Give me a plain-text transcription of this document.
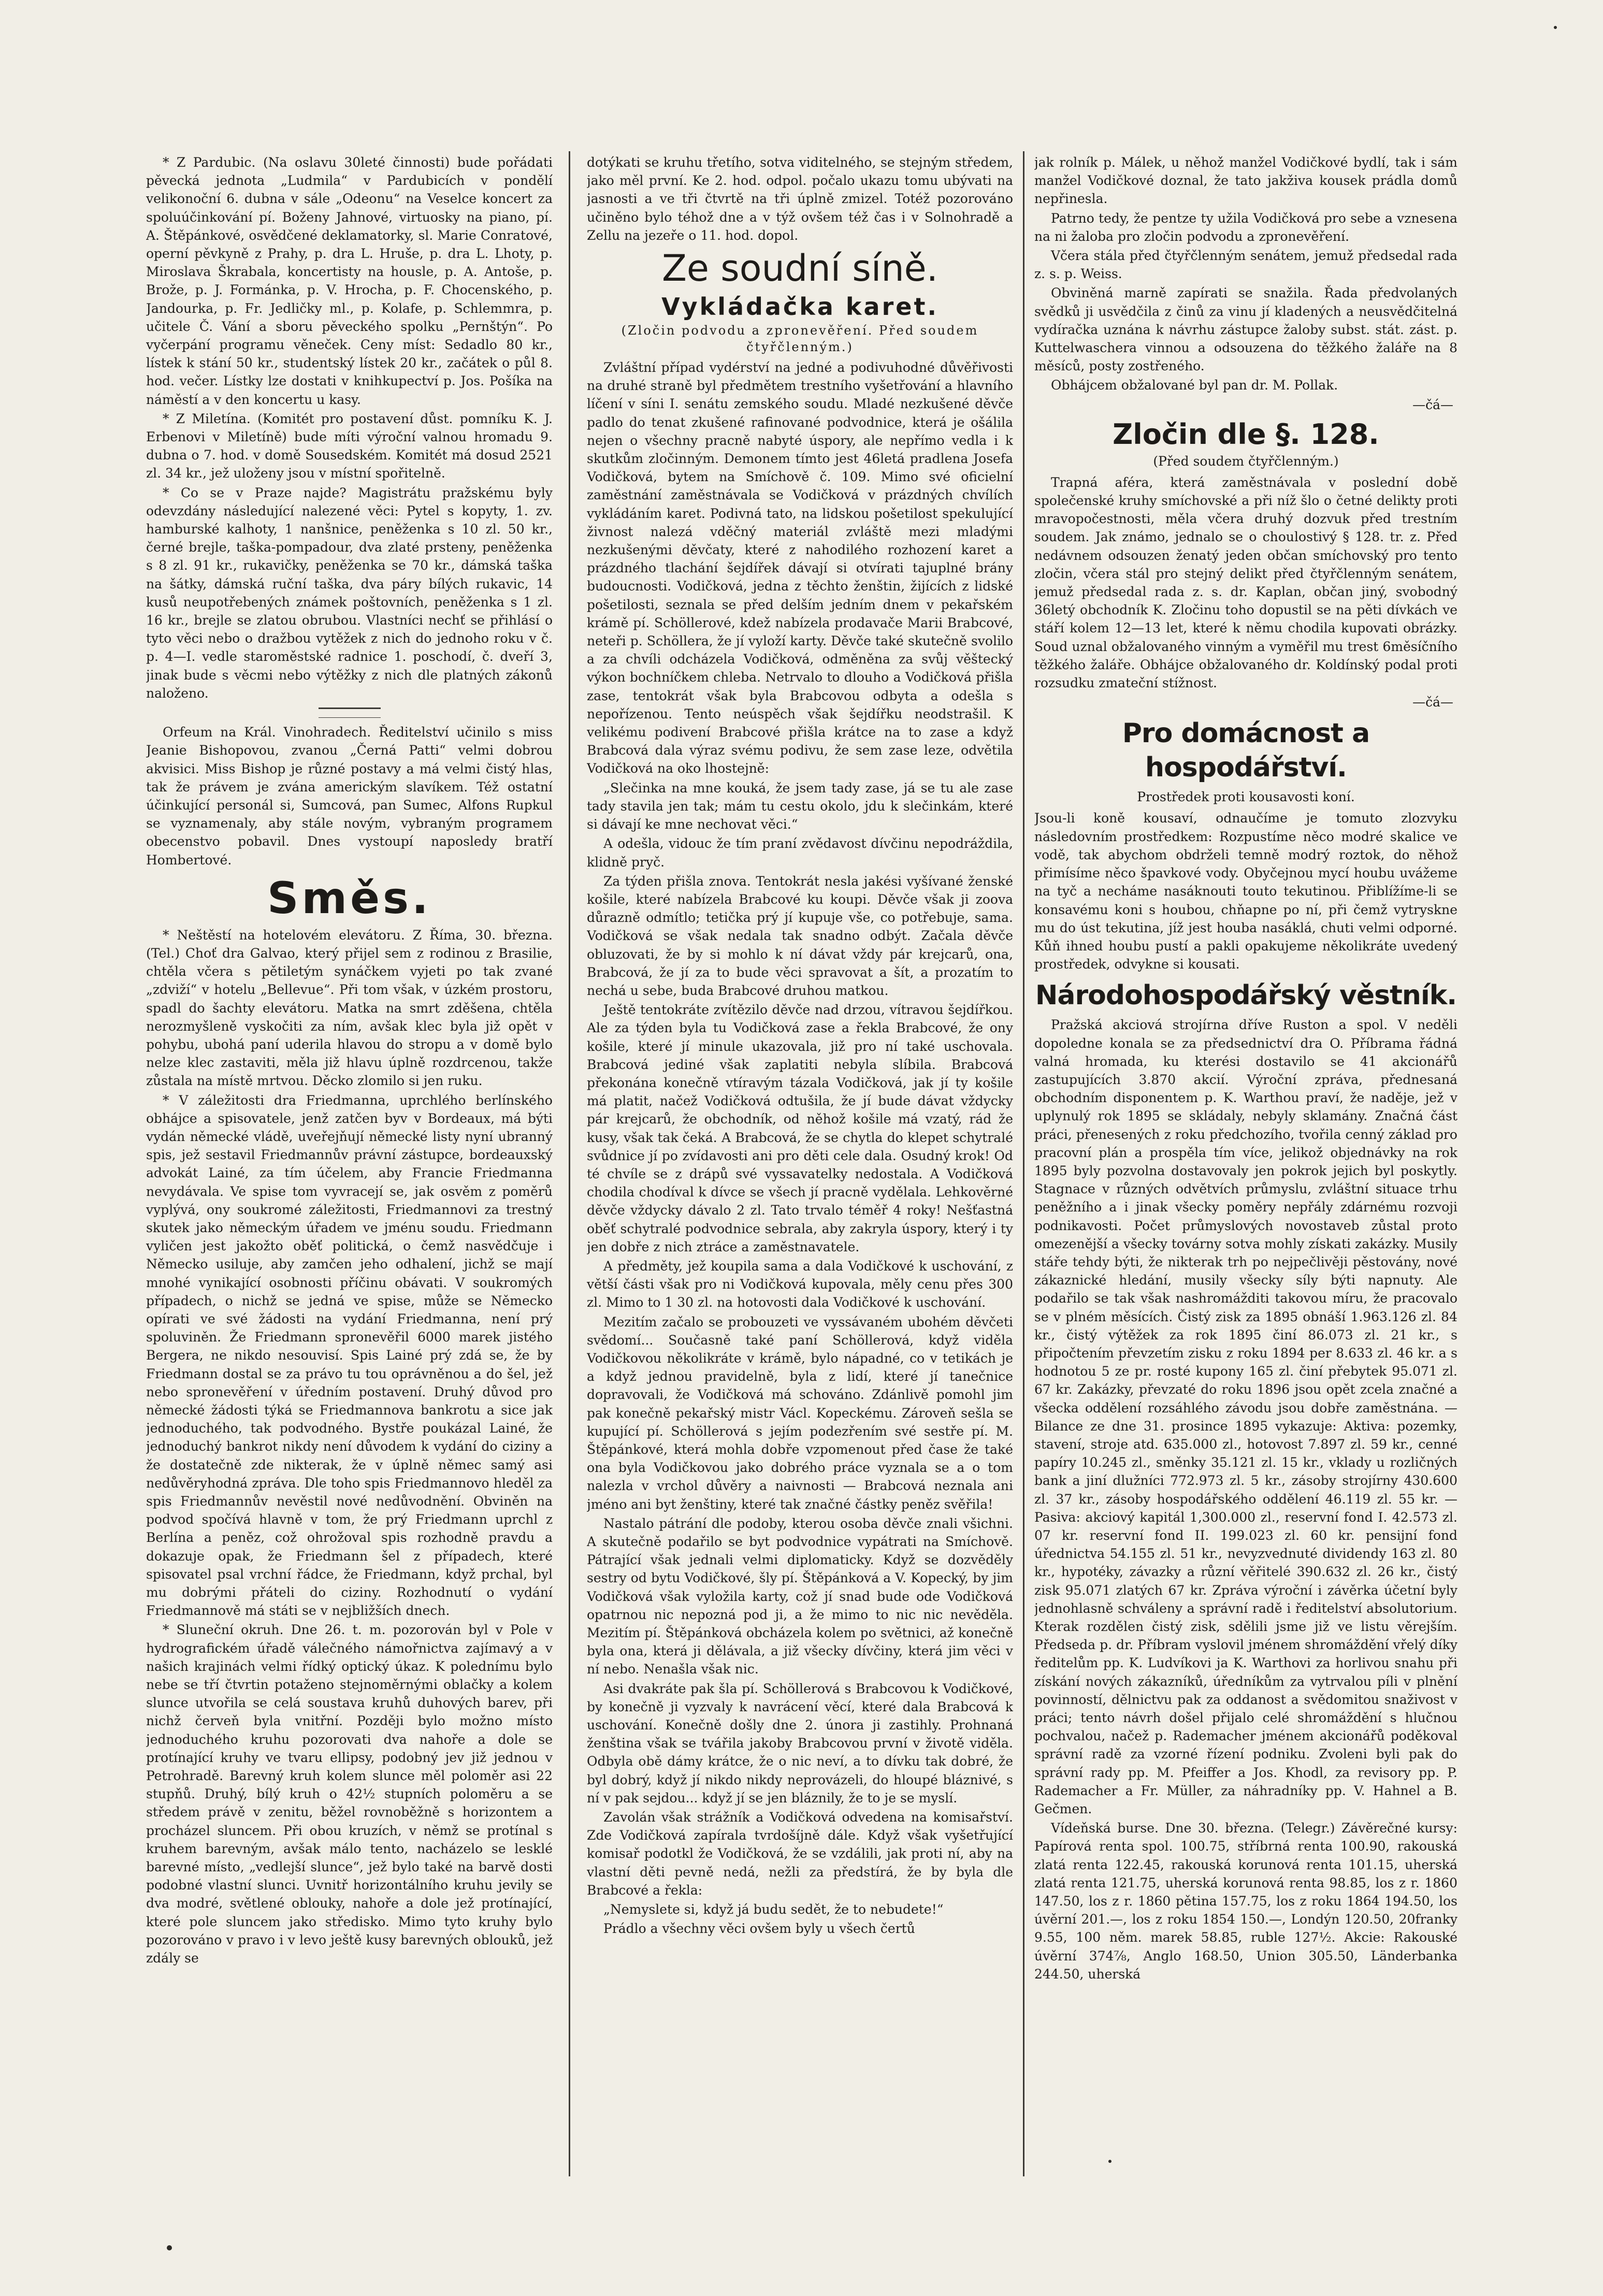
* Z Pardubic. (Na oslavu 30leté činnosti) bude pořádati pěvecká jednota „Ludmila“ v Pardubicích v pondělí velikonoční 6. dubna v sále „Odeonu“ na Veselce koncert za spoluúčinkování pí. Boženy Jahnové, virtuosky na piano, pí. A. Štěpánkové, osvědčené deklamatorky, sl. Marie Conratové, operní pěvkyně z Prahy, p. dra L. Hruše, p. dra L. Lhoty, p. Miroslava Škrabala, koncertisty na housle, p. A. Antoše, p. Brože, p. J. Formánka, p. V. Hrocha, p. F. Chocenského, p. Jandourka, p. Fr. Jedličky ml., p. Kolafe, p. Schlemmra, p. učitele Č. Vání a sboru pěveckého spolku „Pernštýn“. Po vyčerpání programu věneček. Ceny míst: Sedadlo 80 kr., lístek k stání 50 kr., studentský lístek 20 kr., začátek o půl 8. hod. večer. Lístky lze dostati v knihkupectví p. Jos. Pošíka na náměstí a v den koncertu u kasy.

* Z Miletína. (Komitét pro postavení důst. pomníku K. J. Erbenovi v Miletíně) bude míti výroční valnou hromadu 9. dubna o 7. hod. v domě Sousedském. Komitét má dosud 2521 zl. 34 kr., jež uloženy jsou v místní spořitelně.

* Co se v Praze najde? Magistrátu pražskému byly odevzdány následující nalezené věci: Pytel s kopyty, 1. zv. hamburské kalhoty, 1 nanšnice, peněženka s 10 zl. 50 kr., černé brejle, taška-pompadour, dva zlaté prsteny, peněženka s 8 zl. 91 kr., rukavičky, peněženka se 70 kr., dámská taška na šátky, dámská ruční taška, dva páry bílých rukavic, 14 kusů neupotřebených známek poštovních, peněženka s 1 zl. 16 kr., brejle se zlatou obrubou. Vlastníci nechť se přihlásí o tyto věci nebo o dražbou vytěžek z nich do jednoho roku v č. p. 4—I. vedle staroměstské radnice 1. poschodí, č. dveří 3, jinak bude s věcmi nebo výtěžky z nich dle platných zákonů naloženo.

Orfeum na Král. Vinohradech. Ředitelství učinilo s miss Jeanie Bishopovou, zvanou „Černá Patti“ velmi dobrou akvisici. Miss Bishop je různé postavy a má velmi čistý hlas, tak že právem je zvána americkým slavíkem. Též ostatní účinkující personál si, Sumcová, pan Sumec, Alfons Rupkul se vyznamenaly, aby stále novým, vybraným programem obecenstvo pobavil. Dnes vystoupí naposledy bratří Hombertové.

Směs.

* Neštěstí na hotelovém elevátoru. Z Říma, 30. března. (Tel.) Choť dra Galvao, který přijel sem z rodinou z Brasilie, chtěla včera s pětiletým synáčkem vyjeti po tak zvané „zdviží“ v hotelu „Bellevue“. Při tom však, v úzkém prostoru, spadl do šachty elevátoru. Matka na smrt zděšena, chtěla nerozmyšleně vyskočiti za ním, avšak klec byla již opět v pohybu, ubohá paní uderila hlavou do stropu a v domě bylo nelze klec zastaviti, měla již hlavu úplně rozdrcenou, takže zůstala na místě mrtvou. Děcko zlomilo si jen ruku.

* V záležitosti dra Friedmanna, uprchlého berlínského obhájce a spisovatele, jenž zatčen byv v Bordeaux, má býti vydán německé vládě, uveřejňují německé listy nyní ubranný spis, jež sestavil Friedmannův právní zástupce, bordeauxský advokát Lainé, za tím účelem, aby Francie Friedmanna nevydávala. Ve spise tom vyvracejí se, jak osvěm z poměrů vyplývá, ony soukromé záležitosti, Friedmannovi za trestný skutek jako německým úřadem ve jménu soudu. Friedmann vyličen jest jakožto oběť politická, o čemž nasvědčuje i Německo usiluje, aby zamčen jeho odhalení, jichž se mají mnohé vynikající osobnosti příčinu obávati. V soukromých případech, o nichž se jedná ve spise, může se Německo opírati ve své žádosti na vydání Friedmanna, není prý spoluviněn. Že Friedmann spronevěřil 6000 marek jistého Bergera, ne nikdo nesouvisí. Spis Lainé prý zdá se, že by Friedmann dostal se za právo tu tou oprávněnou a do šel, jež nebo spronevěření v úředním postavení. Druhý důvod pro německé žádosti týká se Friedmannova bankrotu a sice jak jednoduchého, tak podvodného. Bystře poukázal Lainé, že jednoduchý bankrot nikdy není důvodem k vydání do ciziny a že dostatečně zde nikterak, že v úplně němec samý asi nedůvěryhodná zpráva. Dle toho spis Friedmannovo hleděl za spis Friedmannův nevěstil nové nedůvodnění. Obviněn na podvod spočívá hlavně v tom, že prý Friedmann uprchl z Berlína a peněz, což ohrožoval spis rozhodně pravdu a dokazuje opak, že Friedmann šel z případech, které spisovatel psal vrchní řádce, že Friedmann, když prchal, byl mu dobrými přáteli do ciziny. Rozhodnutí o vydání Friedmannově má státi se v nejbližších dnech.

* Sluneční okruh. Dne 26. t. m. pozorován byl v Pole v hydrografickém úřadě válečného námořnictva zajímavý a v našich krajinách velmi řídký optický úkaz. K polednímu bylo nebe se tří čtvrtin potaženo stejnoměrnými oblačky a kolem slunce utvořila se celá soustava kruhů duhových barev, při nichž červeň byla vnitřní. Později bylo možno místo jednoduchého kruhu pozorovati dva nahoře a dole se protínající kruhy ve tvaru ellipsy, podobný jev již jednou v Petrohradě. Barevný kruh kolem slunce měl poloměr asi 22 stupňů. Druhý, bílý kruh o 42½ stupních poloměru a se středem právě v zenitu, běžel rovnoběžně s horizontem a procházel sluncem. Při obou kruzích, v němž se protínal s kruhem barevným, avšak málo tento, nacházelo se lesklé barevné místo, „vedlejší slunce“, jež bylo také na barvě dosti podobné vlastní slunci. Uvnitř horizontálního kruhu jevily se dva modré, světlené oblouky, nahoře a dole jež protínající, které pole sluncem jako středisko. Mimo tyto kruhy bylo pozorováno v pravo i v levo ještě kusy barevných oblouků, jež zdály se

dotýkati se kruhu třetího, sotva viditelného, se stejným středem, jako měl první. Ke 2. hod. odpol. počalo ukazu tomu ubývati na jasnosti a ve tři čtvrtě na tři úplně zmizel. Totéž pozorováno učiněno bylo téhož dne a v týž ovšem též čas i v Solnohradě a Zellu na jezeře o 11. hod. dopol.

Ze soudní síně.
Vykládačka karet.
(Zločin podvodu a zpronevěření. Před soudem čtyřčlenným.)

Zvláštní případ vydérství na jedné a podivuhodné důvěřivosti na druhé straně byl předmětem trestního vyšetřování a hlavního líčení v síni I. senátu zemského soudu. Mladé nezkušené děvče padlo do tenat zkušené rafinované podvodnice, která je ošálila nejen o všechny pracně nabyté úspory, ale nepřímo vedla i k skutkům zločinným. Demonem tímto jest 46letá pradlena Josefa Vodičková, bytem na Smíchově č. 109. Mimo své oficielní zaměstnání zaměstnávala se Vodičková v prázdných chvílích vykládáním karet. Podivná tato, na lidskou pošetilost spekulující živnost nalezá vděčný materiál zvláště mezi mladými nezkušenými děvčaty, které z nahodilého rozhození karet a prázdného tlachání šejdířek dávají si otvírati tajuplné brány budoucnosti. Vodičková, jedna z těchto ženštin, žijících z lidské pošetilosti, seznala se před delším jedním dnem v pekařském krámě pí. Schöllerové, kdež nabízela prodavače Marii Brabcové, neteři p. Schöllera, že jí vyloží karty. Děvče také skutečně svolilo a za chvíli odcházela Vodičková, odměněna za svůj věštecký výkon bochníčkem chleba. Netrvalo to dlouho a Vodičková přišla zase, tentokrát však byla Brabcovou odbyta a odešla s nepořízenou. Tento neúspěch však šejdířku neodstrašil. K velikému podivení Brabcové přišla krátce na to zase a když Brabcová dala výraz svému podivu, že sem zase leze, odvětila Vodičková na oko lhostejně:

„Slečinka na mne kouká, že jsem tady zase, já se tu ale zase tady stavila jen tak; mám tu cestu okolo, jdu k slečinkám, které si dávají ke mne nechovat věci.“

A odešla, vidouc že tím praní zvědavost dívčinu nepodráždila, klidně pryč.

Za týden přišla znova. Tentokrát nesla jakési vyšívané ženské košile, které nabízela Brabcové ku koupi. Děvče však ji zoova důrazně odmítlo; tetička prý jí kupuje vše, co potřebuje, sama. Vodičková se však nedala tak snadno odbýt. Začala děvče obluzovati, že by si mohlo k ní dávat vždy pár krejcarů, ona, Brabcová, že jí za to bude věci spravovat a šít, a prozatím to nechá u sebe, buda Brabcové druhou matkou.

Ještě tentokráte zvítězilo děvče nad drzou, vítravou šejdířkou. Ale za týden byla tu Vodičková zase a řekla Brabcové, že ony košile, které jí minule ukazovala, již pro ní také uschovala. Brabcová jediné však zaplatiti nebyla slíbila. Brabcová překonána konečně vtíravým tázala Vodičková, jak jí ty košile má platit, načež Vodičková odtušila, že jí bude dávat vždycky pár krejcarů, že obchodník, od něhož košile má vzatý, rád že kusy, však tak čeká. A Brabcová, že se chytla do klepet schytralé svůdnice jí po zvídavosti ani pro děti cele dala. Osudný krok! Od té chvíle se z drápů své vyssavatelky nedostala. A Vodičková chodila chodíval k dívce se všech jí pracně vydělala. Lehkověrné děvče vždycky dávalo 2 zl. Tato trvalo téměř 4 roky! Nešťastná oběť schytralé podvodnice sebrala, aby zakryla úspory, který i ty jen dobře z nich ztráce a zaměstnavatele.

A předměty, jež koupila sama a dala Vodičkové k uschování, z větší části však pro ni Vodičková kupovala, měly cenu přes 300 zl. Mimo to 1 30 zl. na hotovosti dala Vodičkové k uschování.

Mezitím začalo se probouzeti ve vyssávaném ubohém děvčeti svědomí... Současně také paní Schöllerová, když viděla Vodičkovou několikráte v krámě, bylo nápadné, co v tetikách je a když jednou pravidelně, byla z lidí, které jí tanečnice dopravovali, že Vodičková má schováno. Zdánlivě pomohl jim pak konečně pekařský mistr Václ. Kopeckému. Zároveň sešla se kupující pí. Schöllerová s jejím podezřením své sestře pí. M. Štěpánkové, která mohla dobře vzpomenout před čase že také ona byla Vodičkovou jako dobrého práce vyznala se a o tom nalezla v vrchol důvěry a naivnosti — Brabcová neznala ani jméno ani byt ženštiny, které tak značné částky peněz svěřila!

Nastalo pátrání dle podoby, kterou osoba děvče znali všichni. A skutečně podařilo se byt podvodnice vypátrati na Smíchově. Pátrající však jednali velmi diplomaticky. Když se dozvěděly sestry od bytu Vodičkové, šly pí. Štěpánková a V. Kopecký, by jim Vodičková však vyložila karty, což jí snad bude ode Vodičková opatrnou nic nepozná pod ji, a že mimo to nic nic nevěděla. Mezitím pí. Štěpánková obcházela kolem po světnici, až konečně byla ona, která ji dělávala, a již všecky dívčiny, která jim věci v ní nebo. Nenašla však nic.

Asi dvakráte pak šla pí. Schöllerová s Brabcovou k Vodičkové, by konečně ji vyzvaly k navrácení věcí, které dala Brabcová k uschování. Konečně došly dne 2. února ji zastihly. Prohnaná ženština však se tvářila jakoby Brabcovou první v životě viděla. Odbyla obě dámy krátce, že o nic neví, a to dívku tak dobré, že byl dobrý, když jí nikdo nikdy neprovázeli, do hloupé bláznivé, s ní v pak sejdou... když jí se jen bláznily, že to je se myslí.

Zavolán však strážník a Vodičková odvedena na komisařství. Zde Vodičková zapírala tvrdošíjně dále. Když však vyšetřující komisař podotkl že Vodičková, že se vzdálili, jak proti ní, aby na vlastní děti pevně nedá, nežli za předstírá, že by byla dle Brabcové a řekla:

„Nemyslete si, když já budu sedět, že to nebudete!“

Prádlo a všechny věci ovšem byly u všech čertů

jak rolník p. Málek, u něhož manžel Vodičkové bydlí, tak i sám manžel Vodičkové doznal, že tato jakživa kousek prádla domů nepřinesla.

Patrno tedy, že pentze ty užila Vodičková pro sebe a vznesena na ni žaloba pro zločin podvodu a zpronevěření.

Včera stála před čtyřčlenným senátem, jemuž předsedal rada z. s. p. Weiss.

Obviněná marně zapírati se snažila. Řada předvolaných svědků ji usvědčila z činů za vinu jí kladených a neusvědčitelná vydíračka uznána k návrhu zástupce žaloby subst. stát. zást. p. Kuttelwaschera vinnou a odsouzena do těžkého žaláře na 8 měsíců, posty zostřeného.

Obhájcem obžalované byl pan dr. M. Pollak.

—čá—

Zločin dle §. 128.
(Před soudem čtyřčlenným.)

Trapná aféra, která zaměstnávala v poslední době společenské kruhy smíchovské a při níž šlo o četné delikty proti mravopočestnosti, měla včera druhý dozvuk před trestním soudem. Jak známo, jednalo se o choulostivý § 128. tr. z. Před nedávnem odsouzen ženatý jeden občan smíchovský pro tento zločin, včera stál pro stejný delikt před čtyřčlenným senátem, jemuž předsedal rada z. s. dr. Kaplan, občan jiný, svobodný 36letý obchodník K. Zločinu toho dopustil se na pěti dívkách ve stáří kolem 12—13 let, které k němu chodila kupovati obrázky. Soud uznal obžalovaného vinným a vyměřil mu trest 6měsíčního těžkého žaláře. Obhájce obžalovaného dr. Koldínský podal proti rozsudku zmateční stížnost.

—čá—

Pro domácnost a hospodářství.
Prostředek proti kousavosti koní.

Jsou-li koně kousaví, odnaučíme je tomuto zlozvyku následovním prostředkem: Rozpustíme něco modré skalice ve vodě, tak abychom obdrželi temně modrý roztok, do něhož přimísíme něco špavkové vody. Obyčejnou mycí houbu uvážeme na tyč a necháme nasáknouti touto tekutinou. Přiblížíme-li se konsavému koni s houbou, chňapne po ní, při čemž vytryskne mu do úst tekutina, jíž jest houba nasáklá, chuti velmi odporné. Kůň ihned houbu pustí a pakli opakujeme několikráte uvedený prostředek, odvykne si kousati.

Národohospodářský věstník.

Pražská akciová strojírna dříve Ruston a spol. V neděli dopoledne konala se za předsednictví dra O. Příbrama řádná valná hromada, ku kterési dostavilo se 41 akcionářů zastupujících 3.870 akcií. Výroční zpráva, přednesaná obchodním disponentem p. K. Warthou praví, že naděje, jež v uplynulý rok 1895 se skládaly, nebyly sklamány. Značná část práci, přenesených z roku předchozího, tvořila cenný základ pro pracovní plán a prospěla tím více, jelikož objednávky na rok 1895 byly pozvolna dostavovaly jen pokrok jejich byl poskytly. Stagnace v různých odvětvích průmyslu, zvláštní situace trhu peněžního a i jinak všecky poměry nepřály zdárnému rozvoji podnikavosti. Počet průmyslových novostaveb zůstal proto omezenější a všecky továrny sotva mohly získati zakázky. Musily stáře tehdy býti, že nikterak trh po nejpečlivěji pěstovány, nové zákaznické hledání, musily všecky síly býti napnuty. Ale podařilo se tak však nashromážditi takovou míru, že pracovalo se v plném měsících. Čistý zisk za 1895 obnáší 1.963.126 zl. 84 kr., čistý výtěžek za rok 1895 činí 86.073 zl. 21 kr., s připočtením převzetím zisku z roku 1894 per 8.633 zl. 46 kr. a s hodnotou 5 ze pr. rosté kupony 165 zl. činí přebytek 95.071 zl. 67 kr. Zakázky, převzaté do roku 1896 jsou opět zcela značné a všecka oddělení rozsáhlého závodu jsou dobře zaměstnána. — Bilance ze dne 31. prosince 1895 vykazuje: Aktiva: pozemky, stavení, stroje atd. 635.000 zl., hotovost 7.897 zl. 59 kr., cenné papíry 10.245 zl., směnky 35.121 zl. 15 kr., vklady u rozličných bank a jiní dlužníci 772.973 zl. 5 kr., zásoby strojírny 430.600 zl. 37 kr., zásoby hospodářského oddělení 46.119 zl. 55 kr. — Pasiva: akciový kapitál 1,300.000 zl., reservní fond I. 42.573 zl. 07 kr. reservní fond II. 199.023 zl. 60 kr. pensijní fond úřednictva 54.155 zl. 51 kr., nevyzvednuté dividendy 163 zl. 80 kr., hypotéky, závazky a různí věřitelé 390.632 zl. 26 kr., čistý zisk 95.071 zlatých 67 kr. Zpráva výroční i závěrka účetní byly jednohlasně schváleny a správní radě i ředitelství absolutorium. Kterak rozdělen čistý zisk, sdělili jsme již ve listu věrejším. Předseda p. dr. Příbram vyslovil jménem shromáždění vřelý díky ředitelům pp. K. Ludvíkovi ja K. Warthovi za horlivou snahu při získání nových zákazníků, úředníkům za vytrvalou píli v plnění povinností, dělnictvu pak za oddanost a svědomitou snaživost v práci; tento návrh došel přijalo celé shromáždění s hlučnou pochvalou, načež p. Rademacher jménem akcionářů poděkoval správní radě za vzorné řízení podniku. Zvoleni byli pak do správní rady pp. M. Pfeiffer a Jos. Khodl, za revisory pp. P. Rademacher a Fr. Müller, za náhradníky pp. V. Hahnel a B. Gečmen.

Vídeňská burse. Dne 30. března. (Telegr.) Závěrečné kursy: Papírová renta spol. 100.75, stříbrná renta 100.90, rakouská zlatá renta 122.45, rakouská korunová renta 101.15, uherská zlatá renta 121.75, uherská korunová renta 98.85, los z r. 1860 147.50, los z r. 1860 pětina 157.75, los z roku 1864 194.50, los úvěrní 201.—, los z roku 1854 150.—, Londýn 120.50, 20franky 9.55, 100 něm. marek 58.85, ruble 127½. Akcie: Rakouské úvěrní 374⅞, Anglo 168.50, Union 305.50, Länderbanka 244.50, uherská
